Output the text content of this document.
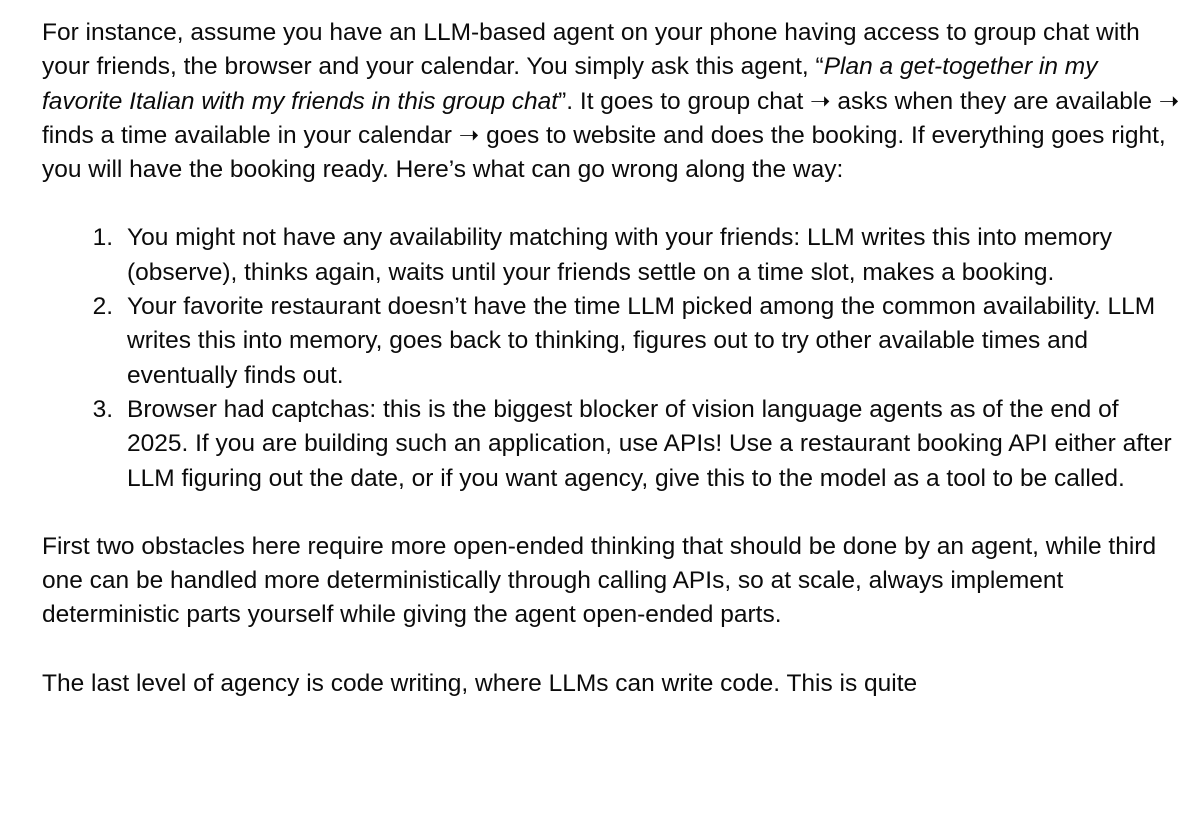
For instance, assume you have an LLM-based agent on your phone having access to group chat with your friends, the browser and your calendar. You simply ask this agent, “Plan a get-together in my favorite Italian with my friends in this group chat”. It goes to group chat ➝ asks when they are available ➝ finds a time available in your calendar ➝ goes to website and does the booking. If everything goes right, you will have the booking ready. Here’s what can go wrong along the way:

1. You might not have any availability matching with your friends: LLM writes this into memory (observe), thinks again, waits until your friends settle on a time slot, makes a booking.
2. Your favorite restaurant doesn’t have the time LLM picked among the common availability. LLM writes this into memory, goes back to thinking, figures out to try other available times and eventually finds out.
3. Browser had captchas: this is the biggest blocker of vision language agents as of the end of 2025. If you are building such an application, use APIs! Use a restaurant booking API either after LLM figuring out the date, or if you want agency, give this to the model as a tool to be called.

First two obstacles here require more open-ended thinking that should be done by an agent, while third one can be handled more deterministically through calling APIs, so at scale, always implement deterministic parts yourself while giving the agent open-ended parts.

The last level of agency is code writing, where LLMs can write code. This is quite
